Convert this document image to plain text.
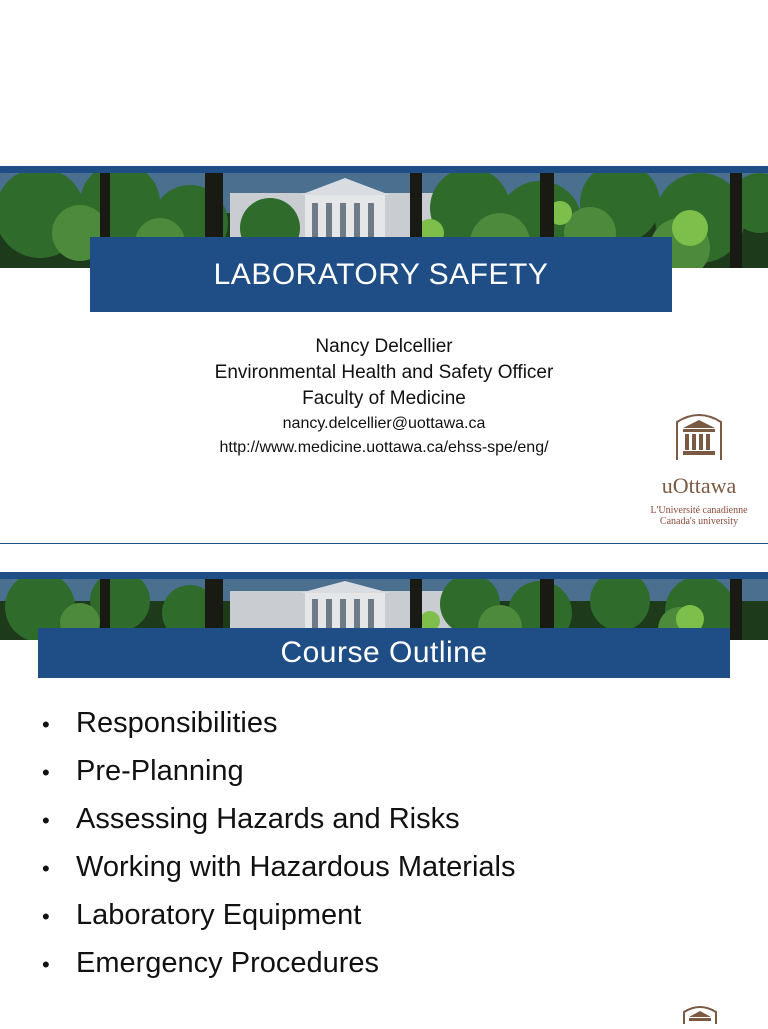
LABORATORY SAFETY
Nancy Delcellier
Environmental Health and Safety Officer
Faculty of Medicine
nancy.delcellier@uottawa.ca
http://www.medicine.uottawa.ca/ehss-spe/eng/
uOttawa
L'Université canadienne
Canada's university
Course Outline
• Responsibilities
• Pre-Planning
• Assessing Hazards and Risks
• Working with Hazardous Materials
• Laboratory Equipment
• Emergency Procedures
